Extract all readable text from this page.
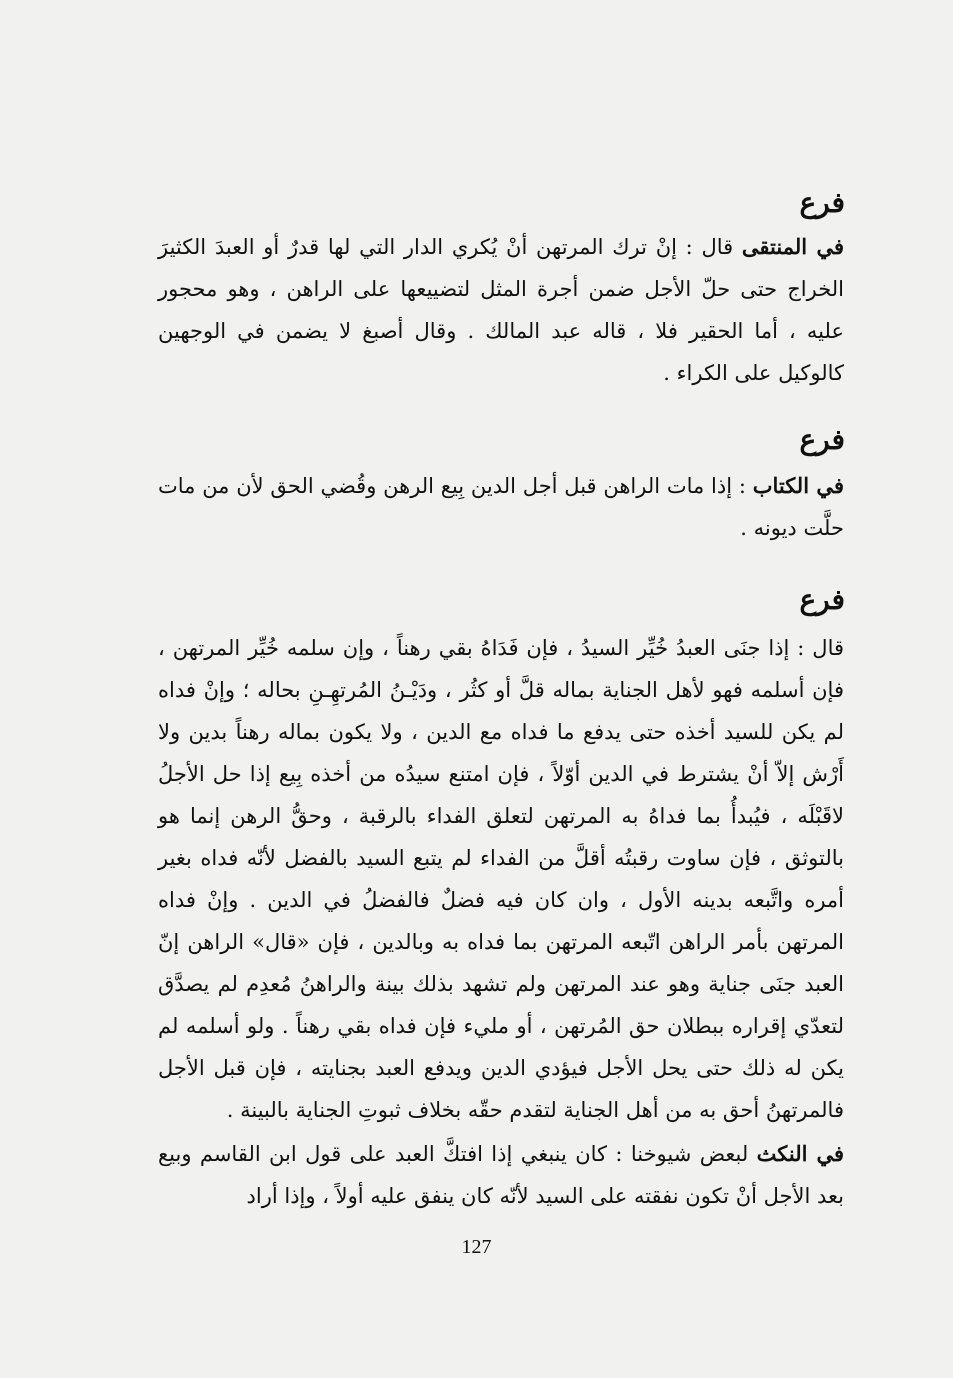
فرع

في المنتقى قال : إنْ ترك المرتهن أنْ يُكري الدار التي لها قدرٌ أو العبدَ الكثيرَ الخراج حتى حلّ الأجل ضمن أجرة المثل لتضييعها على الراهن ، وهو محجور عليه ، أما الحقير فلا ، قاله عبد المالك . وقال أصبغ لا يضمن في الوجهين كالوكيل على الكراء .

فرع

في الكتاب : إذا مات الراهن قبل أجل الدين بِيع الرهن وقُضي الحق لأن من مات حلَّت ديونه .

فرع

قال : إذا جنَى العبدُ خُيِّر السيدُ ، فإن فَدَاهُ بقي رهناً ، وإن سلمه خُيِّر المرتهن ، فإن أسلمه فهو لأهل الجناية بماله قلَّ أو كثُر ، ودَيْـنُ المُرتهِـنِ بحاله ؛ وإنْ فداه لم يكن للسيد أخذه حتى يدفع ما فداه مع الدين ، ولا يكون بماله رهناً بدين ولا أَرْش إلاّ أنْ يشترط في الدين أوّلاً ، فإن امتنع سيدُه من أخذه بِيع إذا حل الأجلُ لاقَبْلَه ، فيُبدأُ بما فداهُ به المرتهن لتعلق الفداء بالرقبة ، وحقُّ الرهن إنما هو بالتوثق ، فإن ساوت رقبتُه أقلَّ من الفداء لم يتبع السيد بالفضل لأنّه فداه بغير أمره واتَّبعه بدينه الأول ، وان كان فيه فضلٌ فالفضلُ في الدين . وإنْ فداه المرتهن بأمر الراهن اتّبعه المرتهن بما فداه به وبالدين ، فإن «قال» الراهن إنّ العبد جنَى جناية وهو عند المرتهن ولم تشهد بذلك بينة والراهنُ مُعدِم لم يصدَّق لتعدّي إقراره ببطلان حق المُرتهن ، أو مليء فإن فداه بقي رهناً . ولو أسلمه لم يكن له ذلك حتى يحل الأجل فيؤدي الدين ويدفع العبد بجنايته ، فإن قبل الأجل فالمرتهنُ أحق به من أهل الجناية لتقدم حقّه بخلاف ثبوتِ الجناية بالبينة .

في النكث لبعض شيوخنا : كان ينبغي إذا افتكَّ العبد على قول ابن القاسم وبيع بعد الأجل أنْ تكون نفقته على السيد لأنّه كان ينفق عليه أولاً ، وإذا أراد

127
